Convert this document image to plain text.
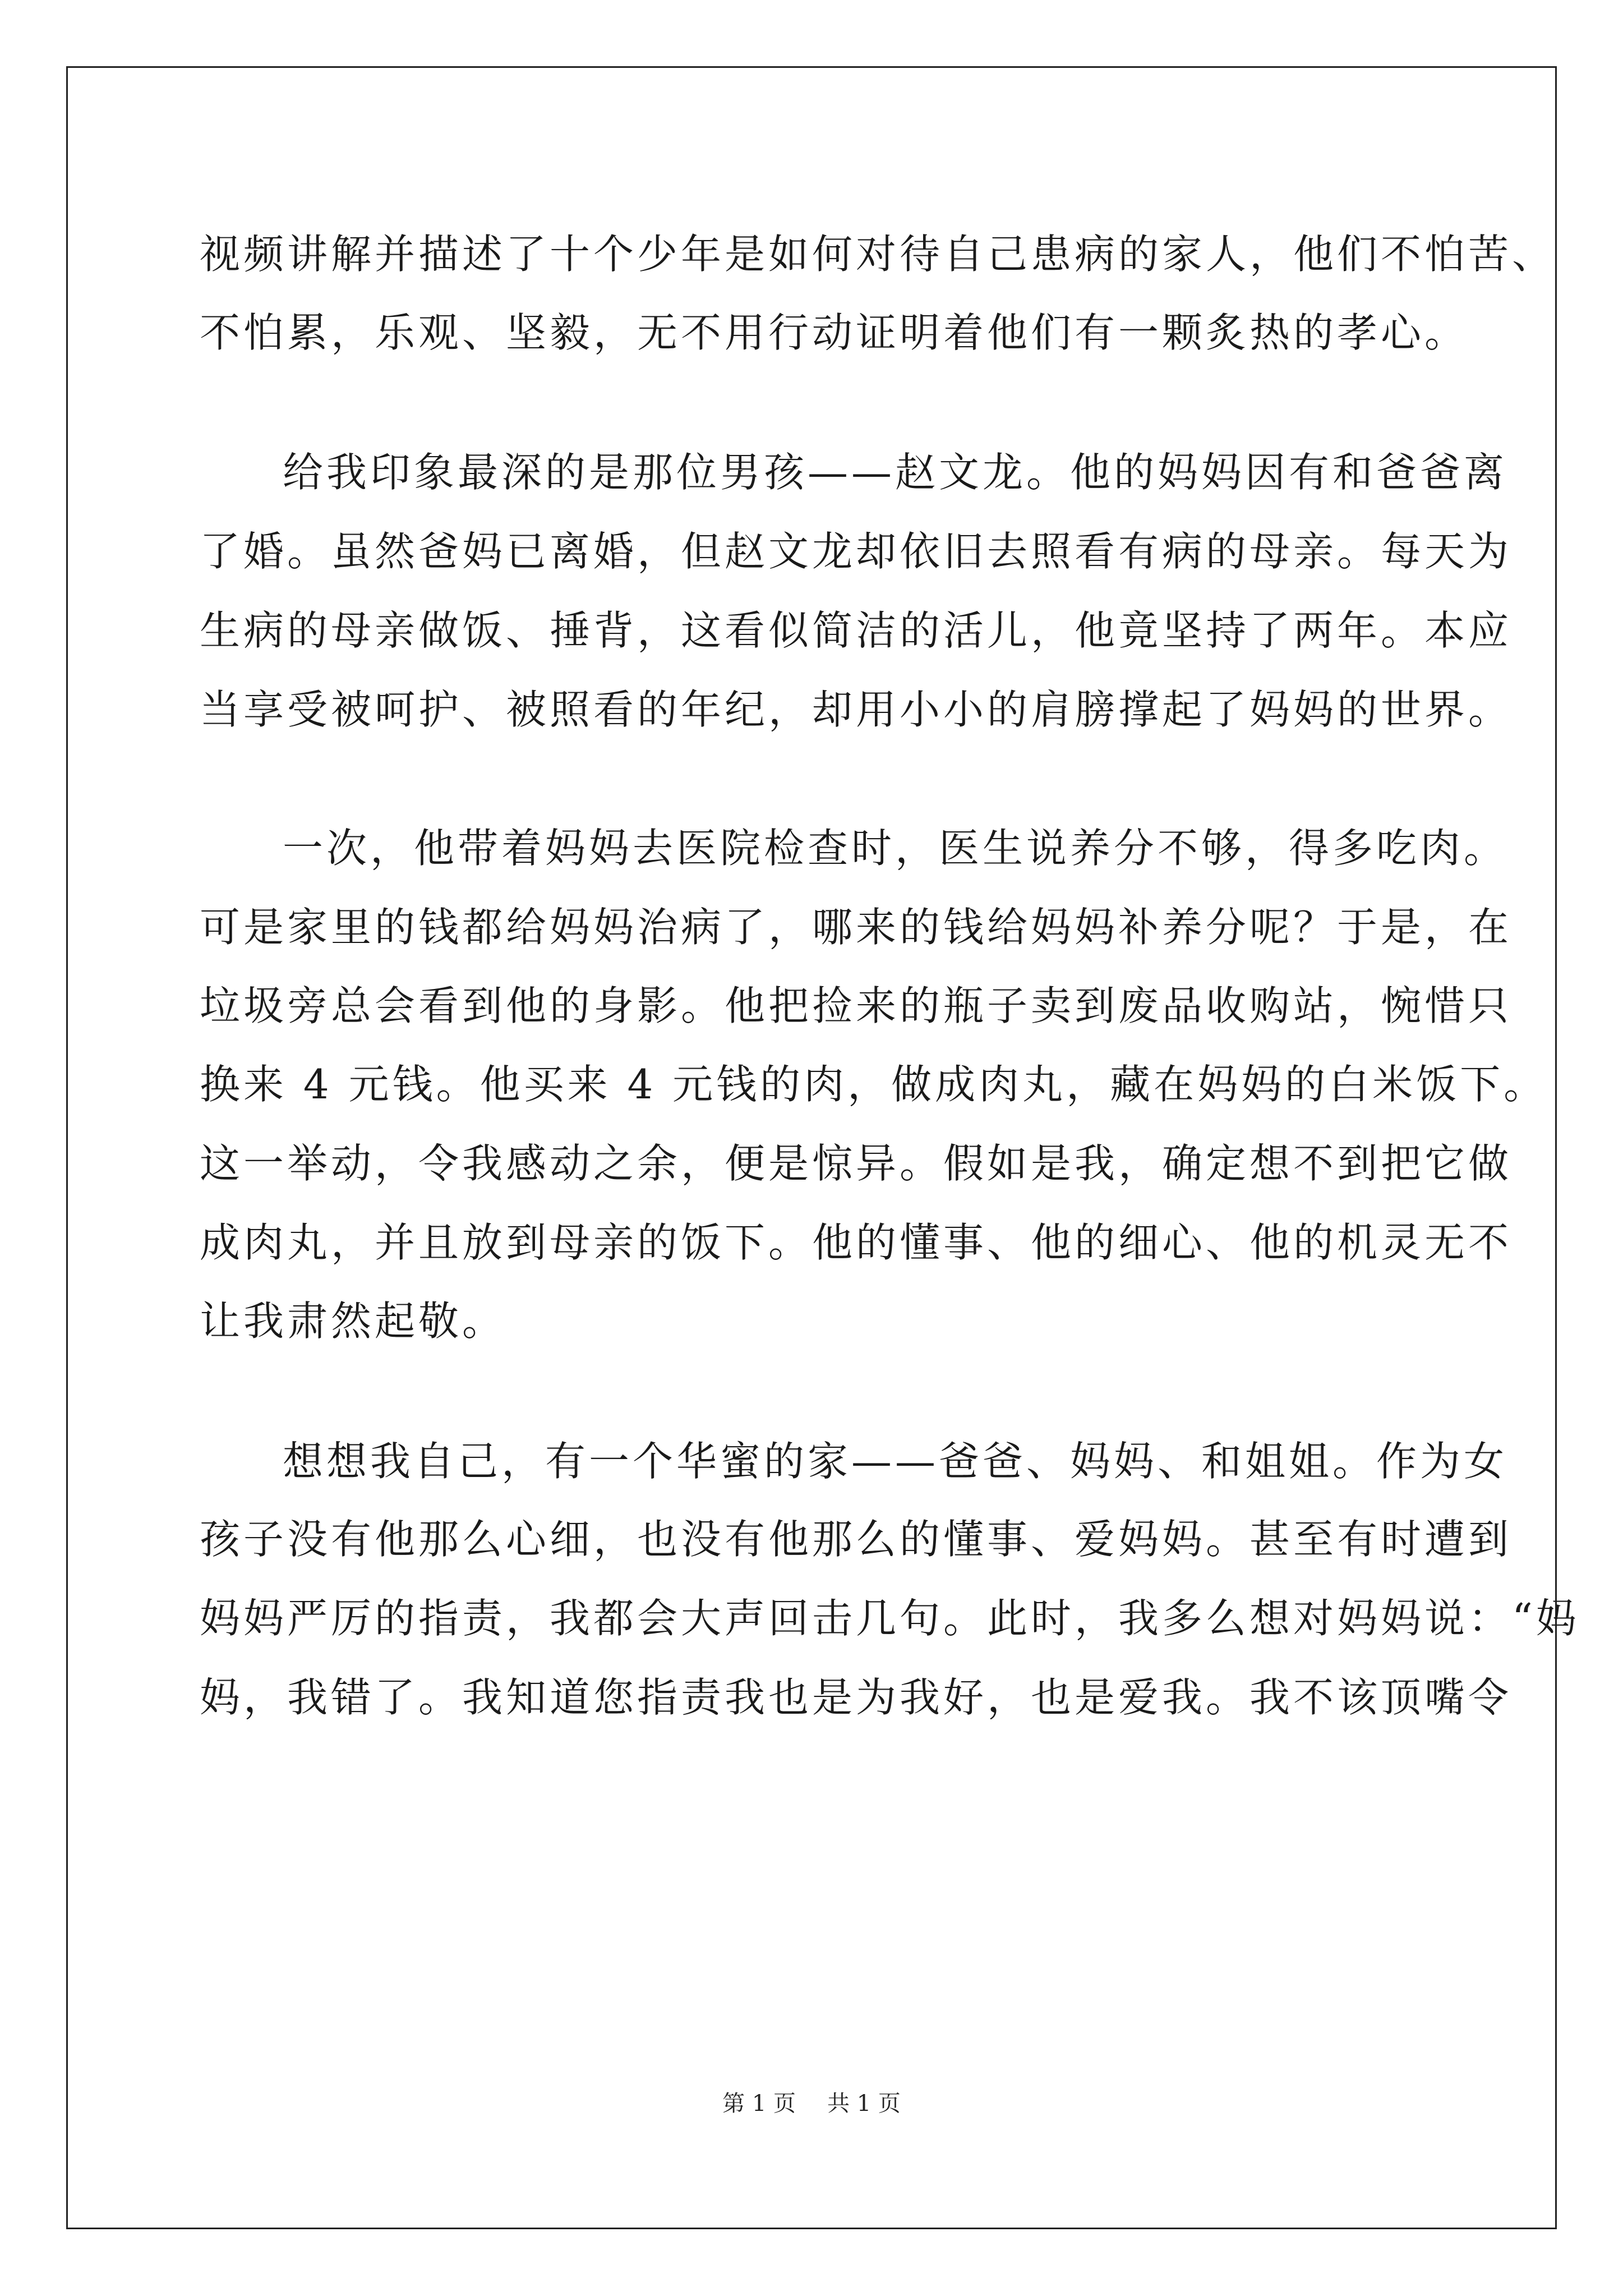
视频讲解并描述了十个少年是如何对待自己患病的家人，他们不怕苦、
不怕累，乐观、坚毅，无不用行动证明着他们有一颗炙热的孝心。
给我印象最深的是那位男孩——赵文龙。他的妈妈因有和爸爸离
了婚。虽然爸妈已离婚，但赵文龙却依旧去照看有病的母亲。每天为
生病的母亲做饭、捶背，这看似简洁的活儿，他竟坚持了两年。本应
当享受被呵护、被照看的年纪，却用小小的肩膀撑起了妈妈的世界。
一次，他带着妈妈去医院检查时，医生说养分不够，得多吃肉。
可是家里的钱都给妈妈治病了，哪来的钱给妈妈补养分呢？于是，在
垃圾旁总会看到他的身影。他把捡来的瓶子卖到废品收购站，惋惜只
换来 4 元钱。他买来 4 元钱的肉，做成肉丸，藏在妈妈的白米饭下。
这一举动，令我感动之余，便是惊异。假如是我，确定想不到把它做
成肉丸，并且放到母亲的饭下。他的懂事、他的细心、他的机灵无不
让我肃然起敬。
想想我自己，有一个华蜜的家——爸爸、妈妈、和姐姐。作为女
孩子没有他那么心细，也没有他那么的懂事、爱妈妈。甚至有时遭到
妈妈严厉的指责，我都会大声回击几句。此时，我多么想对妈妈说：“妈
妈，我错了。我知道您指责我也是为我好，也是爱我。我不该顶嘴令
第 1 页 共 1 页
